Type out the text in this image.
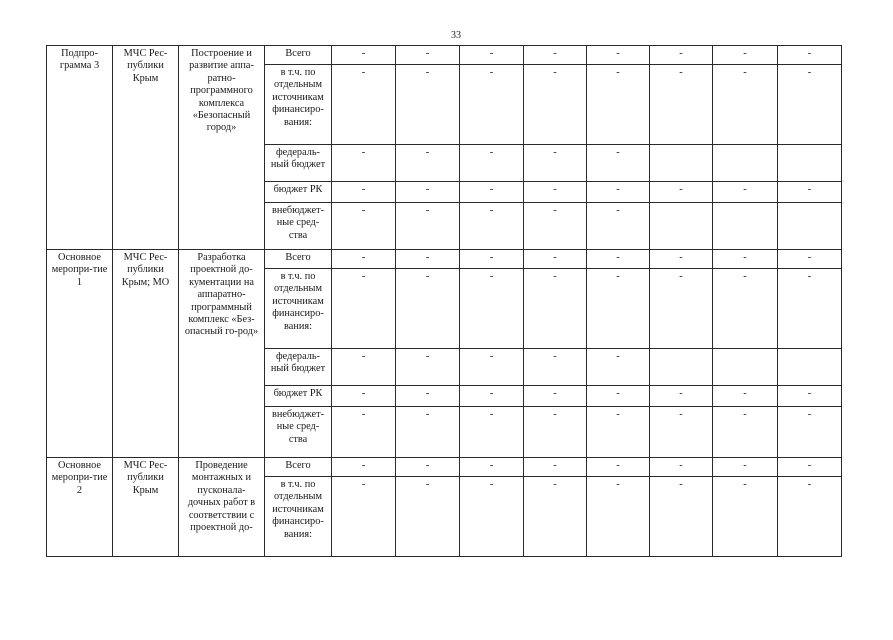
33
Подпро-грамма 3	МЧС Рес-публики Крым	Построение и развитие аппа-ратно-программного комплекса «Безопасный город»	Всего	-	-	-	-	-	-	-	-
			в т.ч. по отдельным источникам финансиро-вания:	-	-	-	-	-	-	-	-
			федераль-ный бюджет	-	-	-	-	-			
			бюджет РК	-	-	-	-	-	-	-	-
			внебюджет-ные сред-ства	-	-	-	-	-			
Основное меропри-тие 1	МЧС Рес-публики Крым; МО	Разработка проектной до-кументации на аппаратно-программный комплекс «Без-опасный го-род»	Всего	-	-	-	-	-	-	-	-
			в т.ч. по отдельным источникам финансиро-вания:	-	-	-	-	-	-	-	-
			федераль-ный бюджет	-	-	-	-	-			
			бюджет РК	-	-	-	-	-	-	-	-
			внебюджет-ные сред-ства	-	-	-	-	-	-	-	-
Основное меропри-тие 2	МЧС Рес-публики Крым	Проведение монтажных и пусконала-дочных работ в соответствии с проектной до-	Всего	-	-	-	-	-	-	-	-
			в т.ч. по отдельным источникам финансиро-вания:	-	-	-	-	-	-	-	-
